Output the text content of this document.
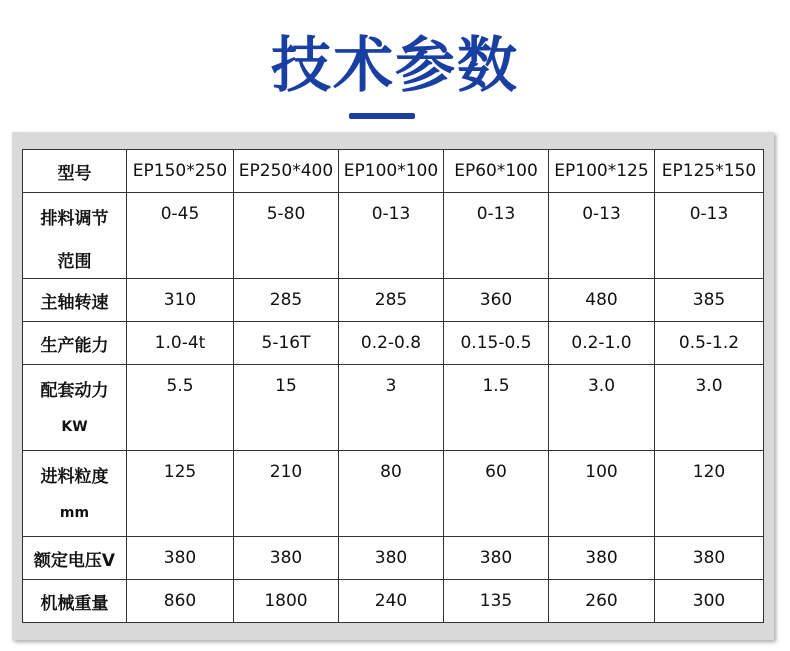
技术参数
型号	EP150*250	EP250*400	EP100*100	EP60*100	EP100*125	EP125*150
排料调节
范围	0-45	5-80	0-13	0-13	0-13	0-13
主轴转速	310	285	285	360	480	385
生产能力	1.0-4t	5-16T	0.2-0.8	0.15-0.5	0.2-1.0	0.5-1.2
配套动力
KW	5.5	15	3	1.5	3.0	3.0
进料粒度
mm	125	210	80	60	100	120
额定电压V	380	380	380	380	380	380
机械重量	860	1800	240	135	260	300
